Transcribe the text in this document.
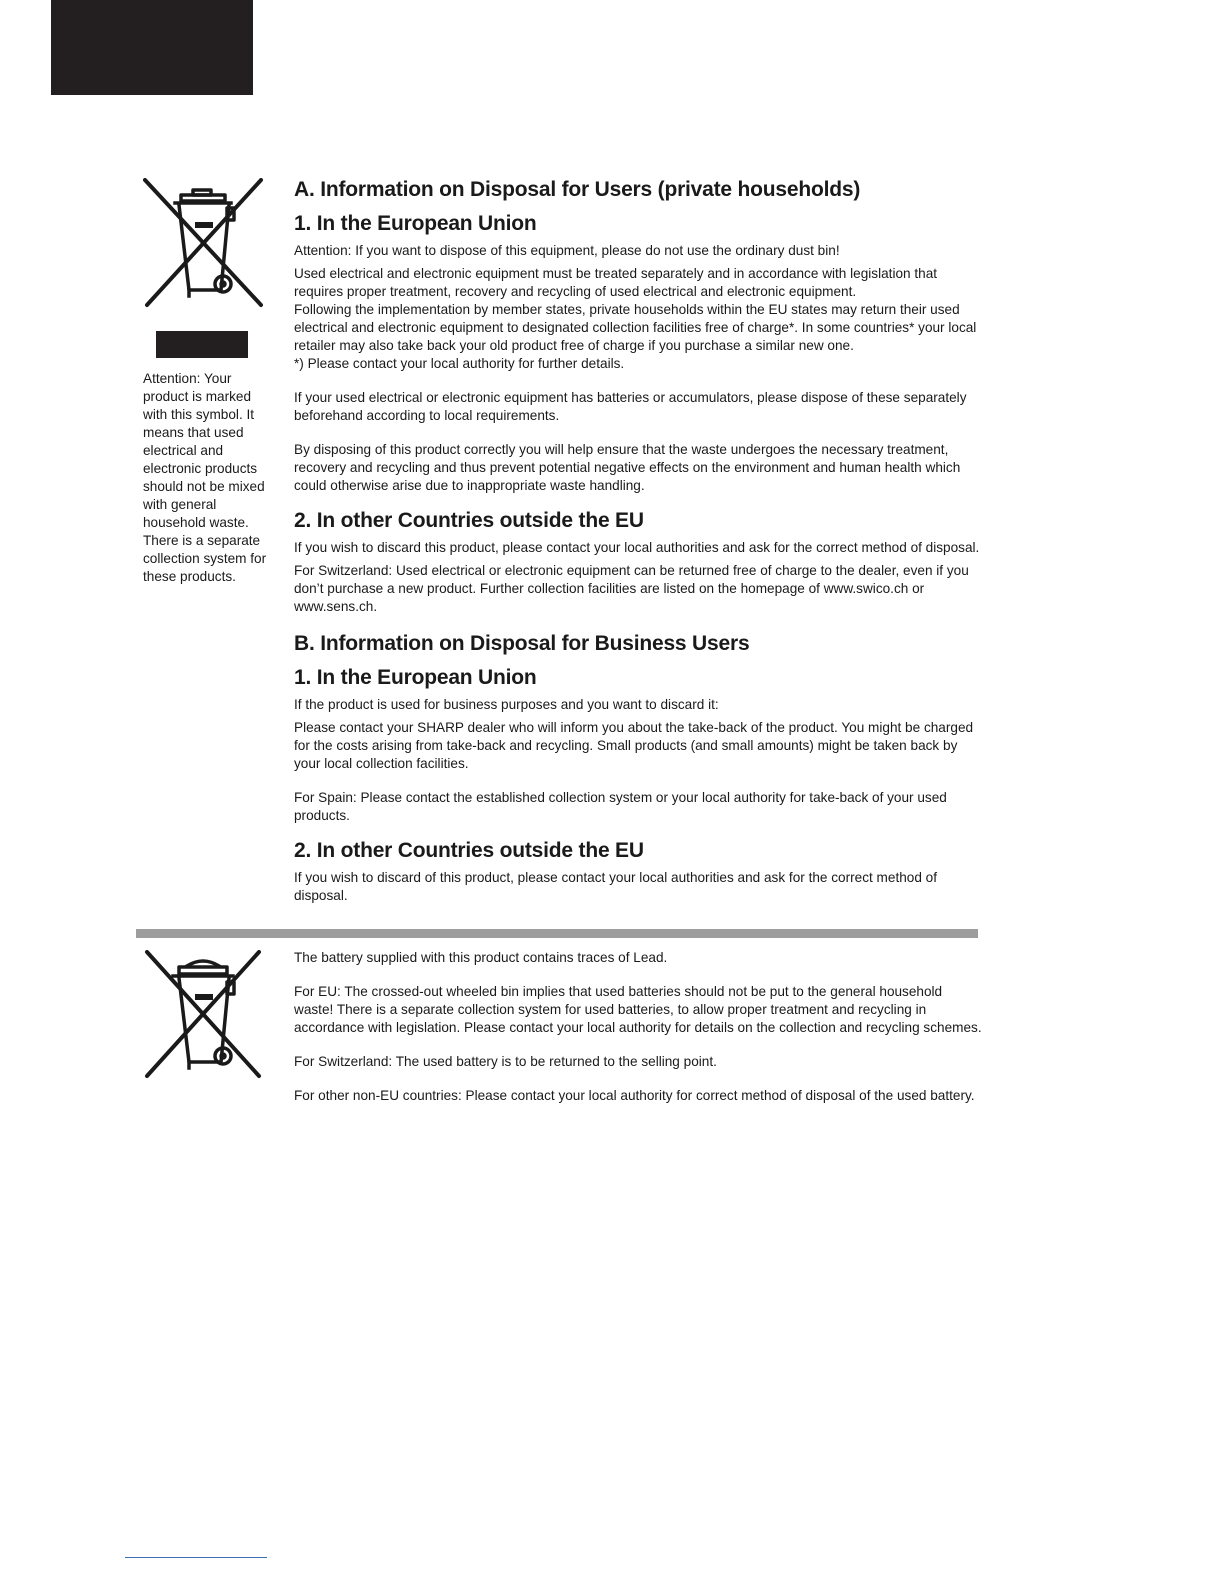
Attention: Your product is marked with this symbol. It means that used electrical and electronic products should not be mixed with general household waste. There is a separate collection system for these products.

A. Information on Disposal for Users (private households)
1. In the European Union

Attention: If you want to dispose of this equipment, please do not use the ordinary dust bin!

Used electrical and electronic equipment must be treated separately and in accordance with legislation that requires proper treatment, recovery and recycling of used electrical and electronic equipment.

Following the implementation by member states, private households within the EU states may return their used electrical and electronic equipment to designated collection facilities free of charge*. In some countries* your local retailer may also take back your old product free of charge if you purchase a similar new one.

*) Please contact your local authority for further details.

If your used electrical or electronic equipment has batteries or accumulators, please dispose of these separately beforehand according to local requirements.

By disposing of this product correctly you will help ensure that the waste undergoes the necessary treatment, recovery and recycling and thus prevent potential negative effects on the environment and human health which could otherwise arise due to inappropriate waste handling.

2. In other Countries outside the EU

If you wish to discard this product, please contact your local authorities and ask for the correct method of disposal.

For Switzerland: Used electrical or electronic equipment can be returned free of charge to the dealer, even if you don’t purchase a new product. Further collection facilities are listed on the homepage of www.swico.ch or www.sens.ch.

B. Information on Disposal for Business Users
1. In the European Union

If the product is used for business purposes and you want to discard it:

Please contact your SHARP dealer who will inform you about the take-back of the product. You might be charged for the costs arising from take-back and recycling. Small products (and small amounts) might be taken back by your local collection facilities.

For Spain: Please contact the established collection system or your local authority for take-back of your used products.

2. In other Countries outside the EU

If you wish to discard of this product, please contact your local authorities and ask for the correct method of disposal.

The battery supplied with this product contains traces of Lead.

For EU: The crossed-out wheeled bin implies that used batteries should not be put to the general household waste! There is a separate collection system for used batteries, to allow proper treatment and recycling in accordance with legislation. Please contact your local authority for details on the collection and recycling schemes.

For Switzerland: The used battery is to be returned to the selling point.

For other non-EU countries: Please contact your local authority for correct method of disposal of the used battery.
